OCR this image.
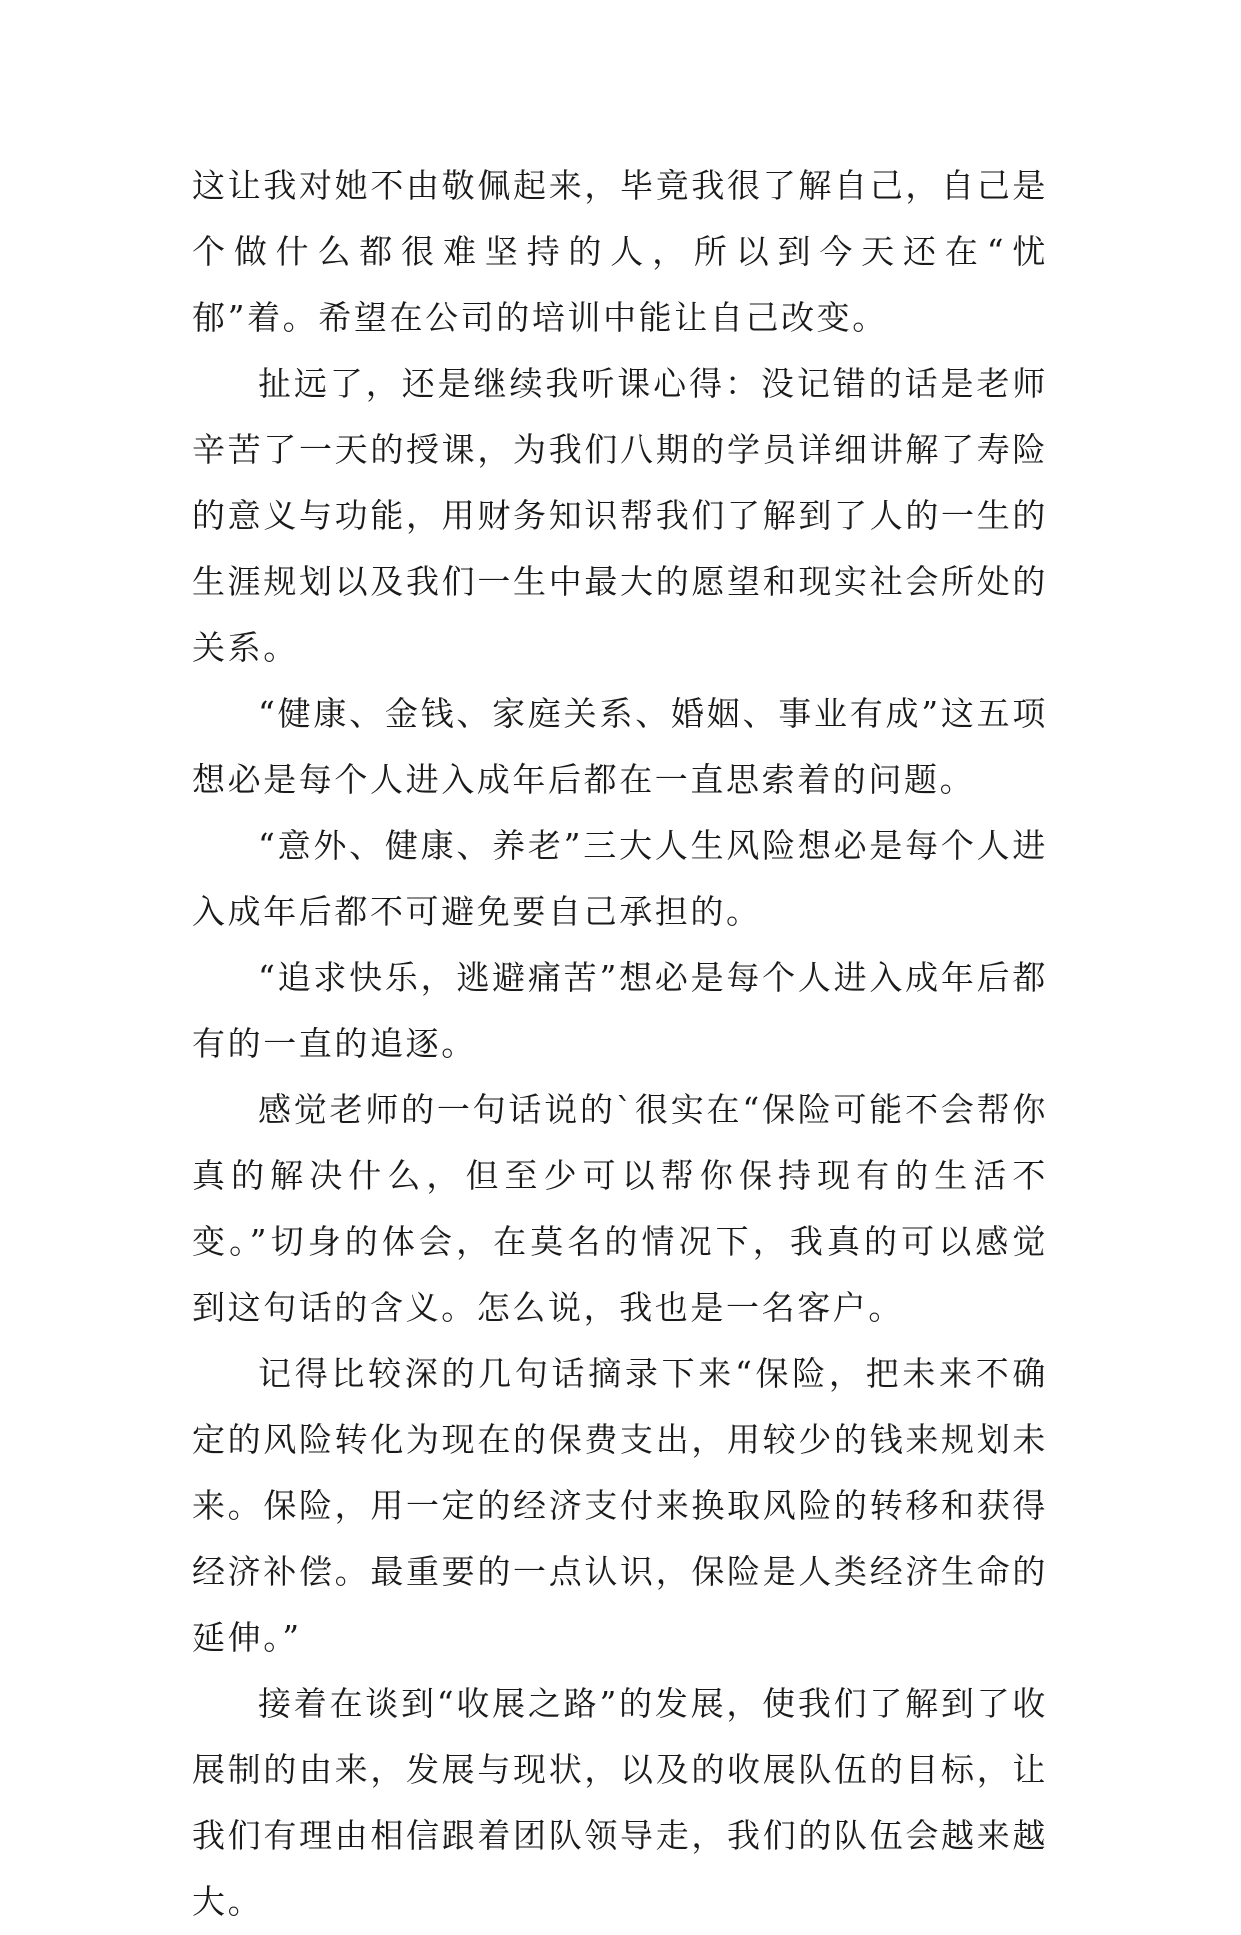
这让我对她不由敬佩起来，毕竟我很了解自己，自己是个做什么都很难坚持的人，所以到今天还在“忧郁”着。希望在公司的培训中能让自己改变。

扯远了，还是继续我听课心得：没记错的话是老师辛苦了一天的授课，为我们八期的学员详细讲解了寿险的意义与功能，用财务知识帮我们了解到了人的一生的生涯规划以及我们一生中最大的愿望和现实社会所处的关系。

“健康、金钱、家庭关系、婚姻、事业有成”这五项想必是每个人进入成年后都在一直思索着的问题。

“意外、健康、养老”三大人生风险想必是每个人进入成年后都不可避免要自己承担的。

“追求快乐，逃避痛苦”想必是每个人进入成年后都有的一直的追逐。

感觉老师的一句话说的`很实在“保险可能不会帮你真的解决什么，但至少可以帮你保持现有的生活不变。”切身的体会，在莫名的情况下，我真的可以感觉到这句话的含义。怎么说，我也是一名客户。

记得比较深的几句话摘录下来“保险，把未来不确定的风险转化为现在的保费支出，用较少的钱来规划未来。保险，用一定的经济支付来换取风险的转移和获得经济补偿。最重要的一点认识，保险是人类经济生命的延伸。”

接着在谈到“收展之路”的发展，使我们了解到了收展制的由来，发展与现状，以及的收展队伍的目标，让我们有理由相信跟着团队领导走，我们的队伍会越来越大。
